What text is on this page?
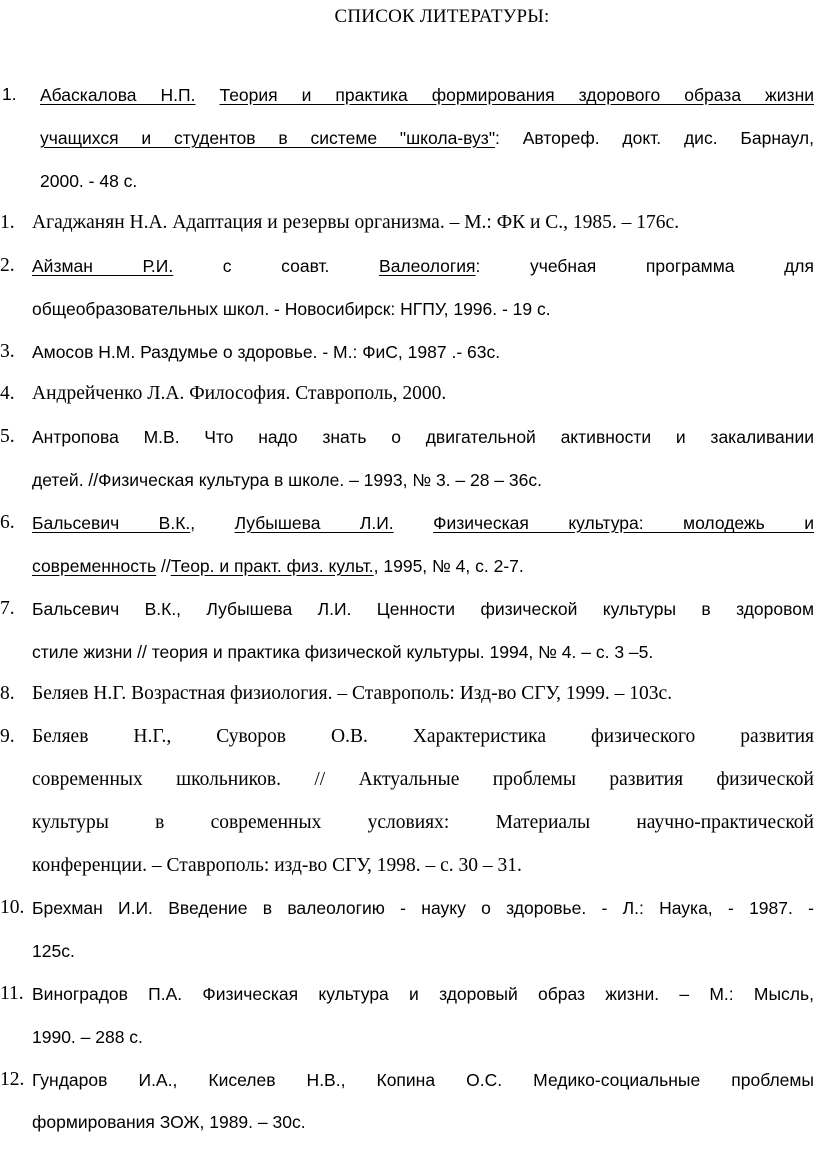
СПИСОК ЛИТЕРАТУРЫ:
1. Абаскалова Н.П. Теория и практика формирования здорового образа жизни
учащихся и студентов в системе "школа-вуз": Автореф. докт. дис. Барнаул,
2000. - 48 с.
1. Агаджанян Н.А. Адаптация и резервы организма. – М.: ФК и С., 1985. – 176с.
2. Айзман Р.И. с соавт. Валеология: учебная программа для
общеобразовательных школ. - Новосибирск: НГПУ, 1996. - 19 с.
3. Амосов Н.М. Раздумье о здоровье. - М.: ФиС, 1987 .- 63с.
4. Андрейченко Л.А. Философия. Ставрополь, 2000.
5. Антропова М.В. Что надо знать о двигательной активности и закаливании
детей. //Физическая культура в школе. – 1993, № 3. – 28 – 36с.
6. Бальсевич В.К., Лубышева Л.И. Физическая культура: молодежь и
современность //Теор. и практ. физ. культ., 1995, № 4, с. 2-7.
7. Бальсевич В.К., Лубышева Л.И. Ценности физической культуры в здоровом
стиле жизни // теория и практика физической культуры. 1994, № 4. – с. 3 –5.
8. Беляев Н.Г. Возрастная физиология. – Ставрополь: Изд-во СГУ, 1999. – 103с.
9. Беляев Н.Г., Суворов О.В. Характеристика физического развития
современных школьников. // Актуальные проблемы развития физической
культуры в современных условиях: Материалы научно-практической
конференции. – Ставрополь: изд-во СГУ, 1998. – с. 30 – 31.
10. Брехман И.И. Введение в валеологию - науку о здоровье. - Л.: Наука, - 1987. -
125с.
11. Виноградов П.А. Физическая культура и здоровый образ жизни. – М.: Мысль,
1990. – 288 с.
12. Гундаров И.А., Киселев Н.В., Копина О.С. Медико-социальные проблемы
формирования ЗОЖ, 1989. – 30с.
